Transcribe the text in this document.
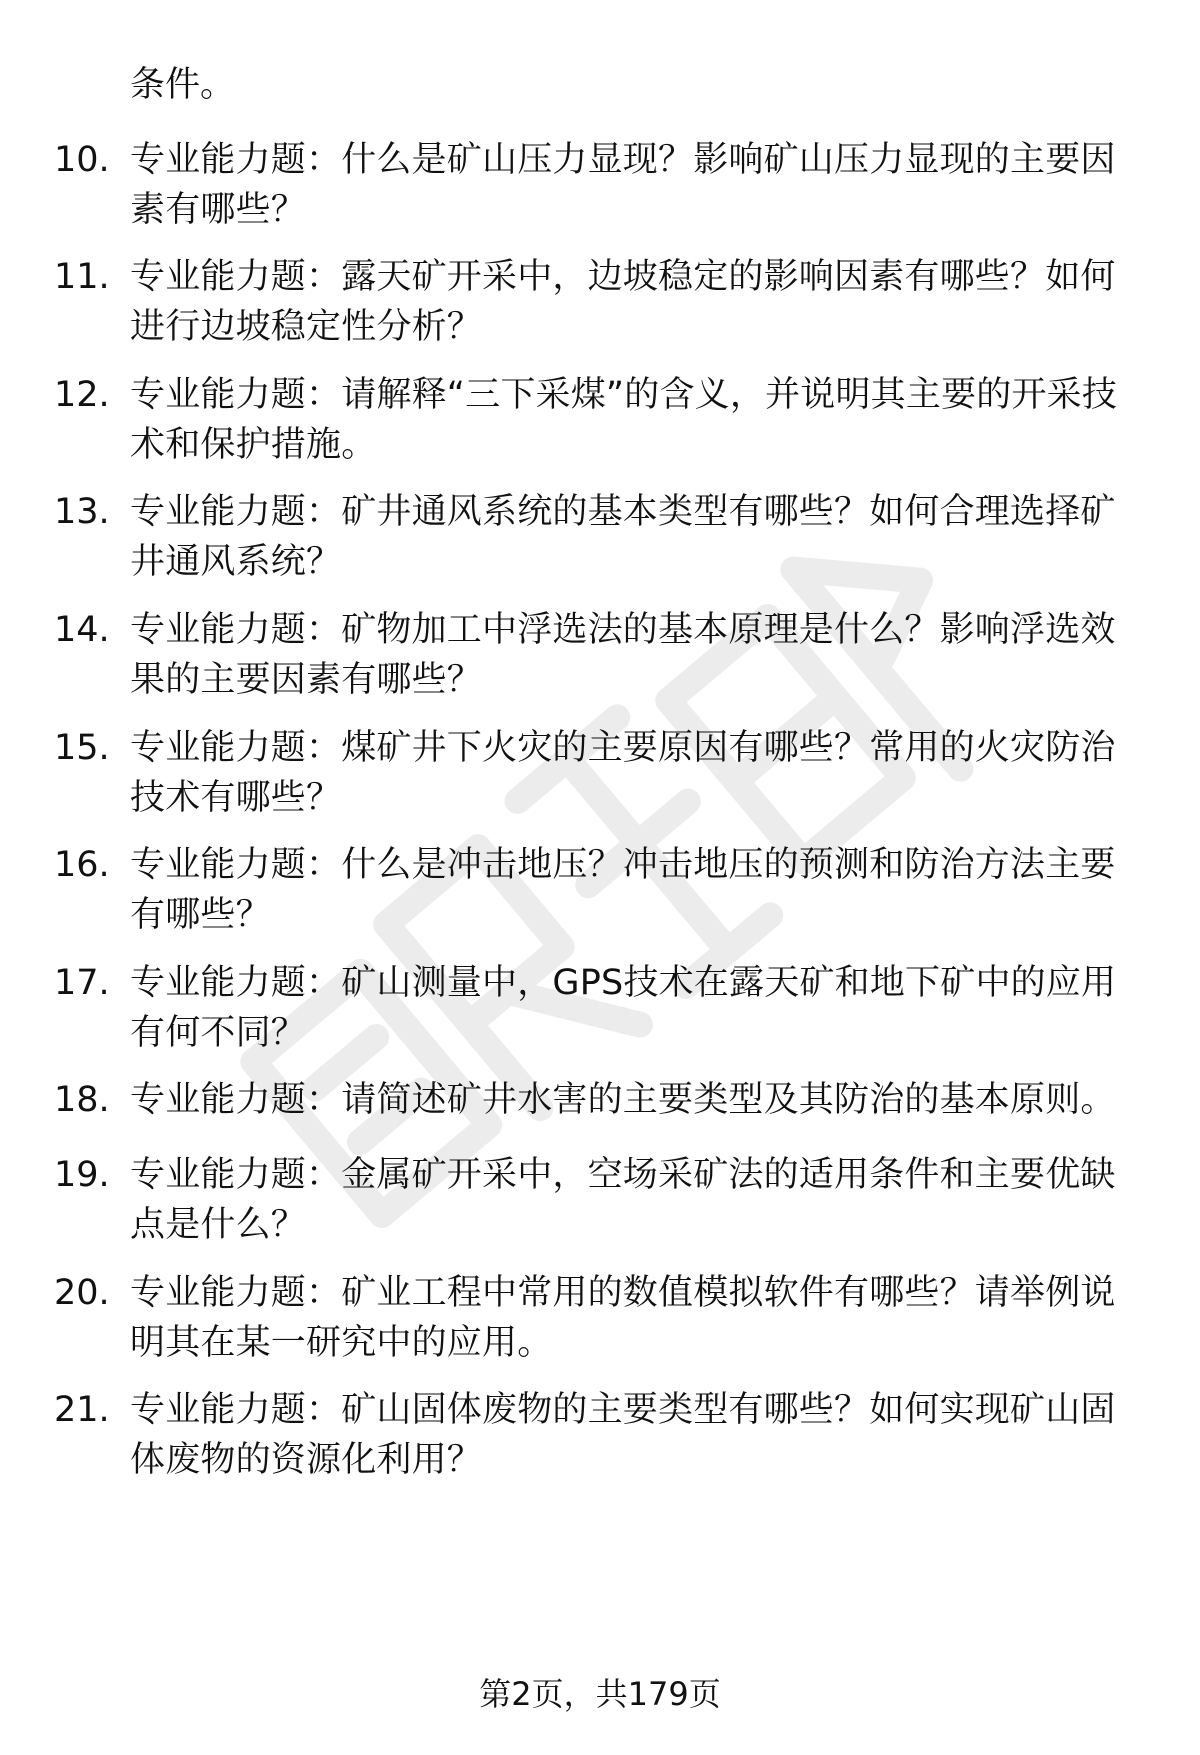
条件。

10. 专业能力题：什么是矿山压力显现？影响矿山压力显现的主要因素有哪些？
11. 专业能力题：露天矿开采中，边坡稳定的影响因素有哪些？如何进行边坡稳定性分析？
12. 专业能力题：请解释“三下采煤”的含义，并说明其主要的开采技术和保护措施。
13. 专业能力题：矿井通风系统的基本类型有哪些？如何合理选择矿井通风系统？
14. 专业能力题：矿物加工中浮选法的基本原理是什么？影响浮选效果的主要因素有哪些？
15. 专业能力题：煤矿井下火灾的主要原因有哪些？常用的火灾防治技术有哪些？
16. 专业能力题：什么是冲击地压？冲击地压的预测和防治方法主要有哪些？
17. 专业能力题：矿山测量中，GPS技术在露天矿和地下矿中的应用有何不同？
18. 专业能力题：请简述矿井水害的主要类型及其防治的基本原则。
19. 专业能力题：金属矿开采中，空场采矿法的适用条件和主要优缺点是什么？
20. 专业能力题：矿业工程中常用的数值模拟软件有哪些？请举例说明其在某一研究中的应用。
21. 专业能力题：矿山固体废物的主要类型有哪些？如何实现矿山固体废物的资源化利用？
第2页，共179页
